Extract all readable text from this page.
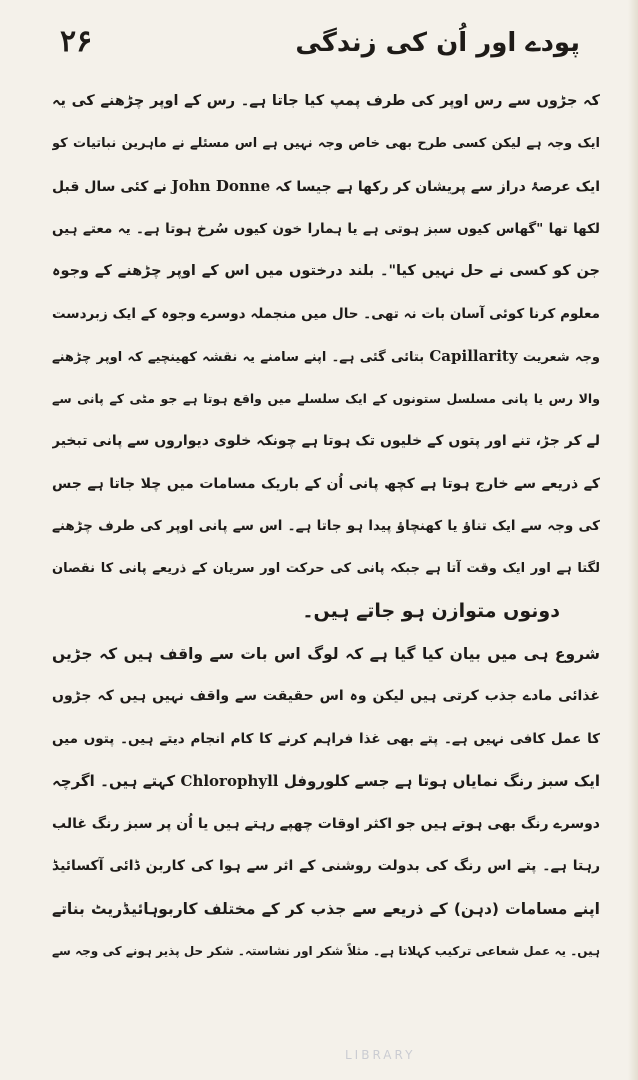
۲۶	پودے اور اُن کی زندگی
کہ جڑوں سے رس اوپر کی طرف پمپ کیا جاتا ہے۔ رس کے اوپر چڑھنے کی یہ
ایک وجہ ہے لیکن کسی طرح بھی خاص وجہ نہیں ہے اس مسئلے نے ماہرین نباتیات کو
ایک عرصۂ دراز سے پریشان کر رکھا ہے جیسا کہ John Donne نے کئی سال قبل
لکھا تھا "گھاس کیوں سبز ہوتی ہے یا ہمارا خون کیوں سُرخ ہوتا ہے۔ یہ معتے ہیں
جن کو کسی نے حل نہیں کیا"۔ بلند درختوں میں اس کے اوپر چڑھنے کے وجوہ
معلوم کرنا کوئی آسان بات نہ تھی۔ حال میں منجملہ دوسرے وجوہ کے ایک زبردست
وجہ شعریت Capillarity بتائی گئی ہے۔ اپنے سامنے یہ نقشہ کھینچیے کہ اوپر چڑھنے
والا رس یا پانی مسلسل ستونوں کے ایک سلسلے میں واقع ہوتا ہے جو مٹی کے پانی سے
لے کر جڑ، تنے اور پتوں کے خلیوں تک ہوتا ہے چونکہ خلوی دیواروں سے پانی تبخیر
کے ذریعے سے خارج ہوتا ہے کچھ پانی اُن کے باریک مسامات میں چلا جاتا ہے جس
کی وجہ سے ایک تناؤ یا کھنچاؤ پیدا ہو جاتا ہے۔ اس سے پانی اوپر کی طرف چڑھنے
لگتا ہے اور ایک وقت آتا ہے جبکہ پانی کی حرکت اور سریان کے ذریعے پانی کا نقصان
دونوں متوازن ہو جاتے ہیں۔
شروع ہی میں بیان کیا گیا ہے کہ لوگ اس بات سے واقف ہیں کہ جڑیں
غذائی مادے جذب کرتی ہیں لیکن وہ اس حقیقت سے واقف نہیں ہیں کہ جڑوں
کا عمل کافی نہیں ہے۔ پتے بھی غذا فراہم کرنے کا کام انجام دیتے ہیں۔ پتوں میں
ایک سبز رنگ نمایاں ہوتا ہے جسے کلوروفل Chlorophyll کہتے ہیں۔ اگرچہ
دوسرے رنگ بھی ہوتے ہیں جو اکثر اوقات چھپے رہتے ہیں یا اُن پر سبز رنگ غالب
رہتا ہے۔ پتے اس رنگ کی بدولت روشنی کے اثر سے ہوا کی کاربن ڈائی آکسائیڈ
اپنے مسامات (دہن) کے ذریعے سے جذب کر کے مختلف کاربوہائیڈریٹ بناتے
ہیں۔ یہ عمل شعاعی ترکیب کہلاتا ہے۔ مثلاً شکر اور نشاستہ۔ شکر حل پذیر ہونے کی وجہ سے
LIBRARY
